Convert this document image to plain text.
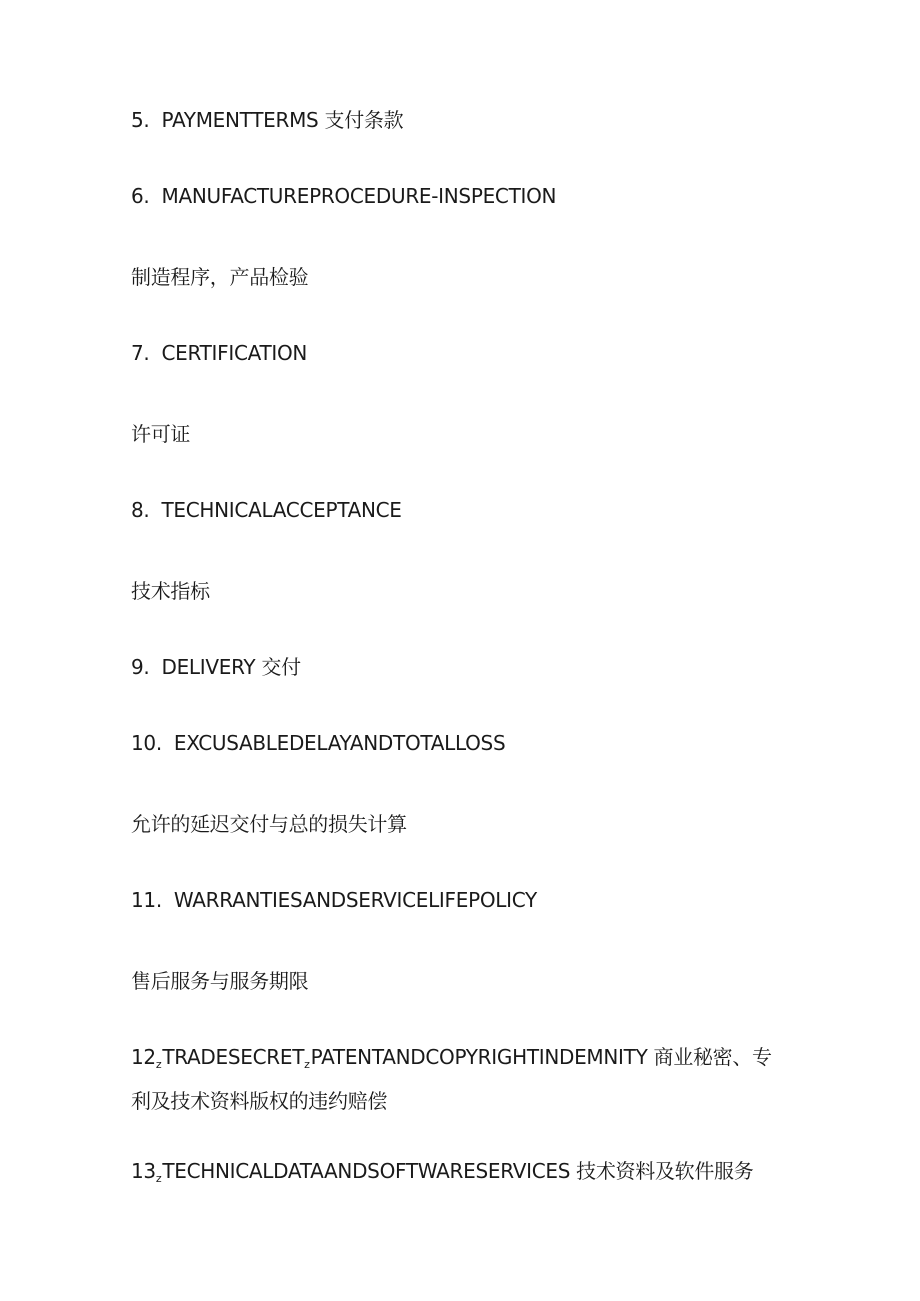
5. PAYMENTTERMS 支付条款
6. MANUFACTUREPROCEDURE-INSPECTION
制造程序，产品检验
7. CERTIFICATION
许可证
8. TECHNICALACCEPTANCE
技术指标
9. DELIVERY 交付
10. EXCUSABLEDELAYANDTOTALLOSS
允许的延迟交付与总的损失计算
11. WARRANTIESANDSERVICELIFEPOLICY
售后服务与服务期限
$12_zTRADESECRET_zPATENTANDCOPYRIGHTINDEMNITY$ 商业秘密、专利及技术资料版权的违约赔偿
$13_zTECHNICALDATAANDSOFTWARESERVICES$ 技术资料及软件服务
